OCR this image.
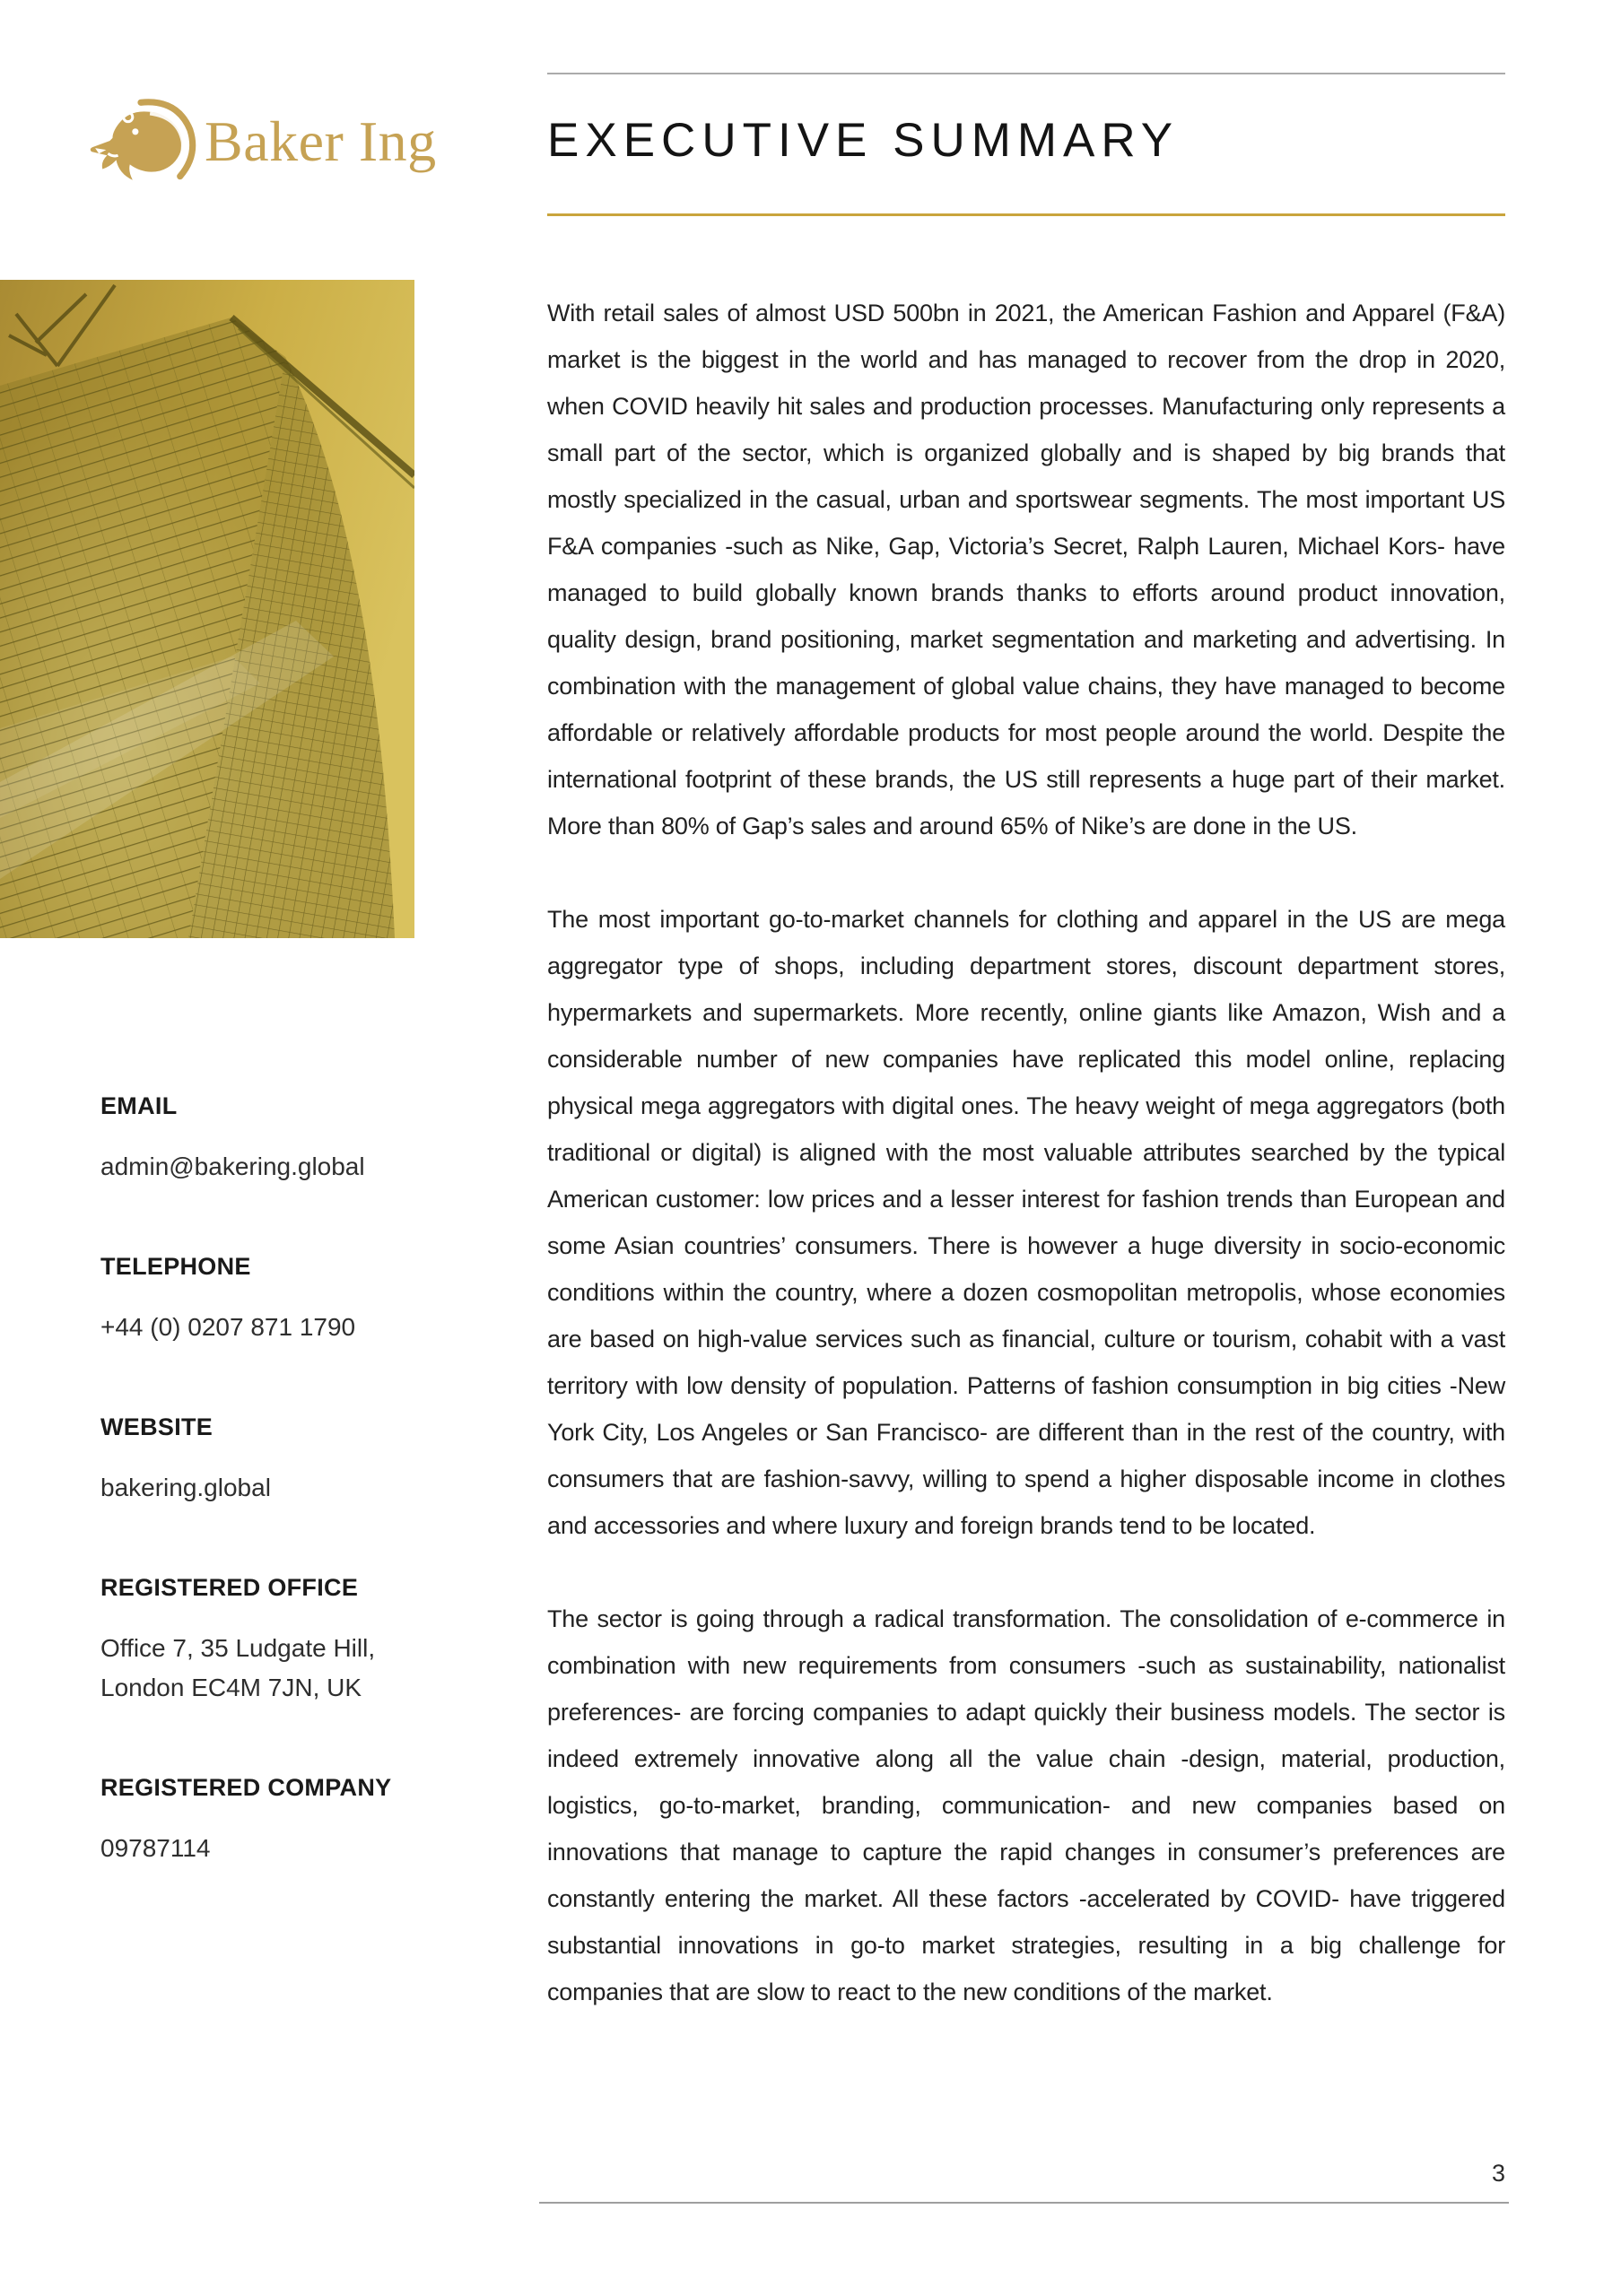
Baker Ing
EMAIL
admin@bakering.global
TELEPHONE
+44 (0) 0207 871 1790
WEBSITE
bakering.global
REGISTERED OFFICE
Office 7, 35 Ludgate Hill, London EC4M 7JN, UK
REGISTERED COMPANY
09787114
EXECUTIVE SUMMARY

With retail sales of almost USD 500bn in 2021, the American Fashion and Apparel (F&A) market is the biggest in the world and has managed to recover from the drop in 2020, when COVID heavily hit sales and production processes. Manufacturing only represents a small part of the sector, which is organized globally and is shaped by big brands that mostly specialized in the casual, urban and sportswear segments. The most important US F&A companies -such as Nike, Gap, Victoria’s Secret, Ralph Lauren, Michael Kors- have managed to build globally known brands thanks to efforts around product innovation, quality design, brand positioning, market segmentation and marketing and advertising. In combination with the management of global value chains, they have managed to become affordable or relatively affordable products for most people around the world. Despite the international footprint of these brands, the US still represents a huge part of their market. More than 80% of Gap’s sales and around 65% of Nike’s are done in the US.

The most important go-to-market channels for clothing and apparel in the US are mega aggregator type of shops, including department stores, discount department stores, hypermarkets and supermarkets. More recently, online giants like Amazon, Wish and a considerable number of new companies have replicated this model online, replacing physical mega aggregators with digital ones. The heavy weight of mega aggregators (both traditional or digital) is aligned with the most valuable attributes searched by the typical American customer: low prices and a lesser interest for fashion trends than European and some Asian countries’ consumers. There is however a huge diversity in socio-economic conditions within the country, where a dozen cosmopolitan metropolis, whose economies are based on high-value services such as financial, culture or tourism, cohabit with a vast territory with low density of population. Patterns of fashion consumption in big cities -New York City, Los Angeles or San Francisco- are different than in the rest of the country, with consumers that are fashion-savvy, willing to spend a higher disposable income in clothes and accessories and where luxury and foreign brands tend to be located.

The sector is going through a radical transformation. The consolidation of e-commerce in combination with new requirements from consumers -such as sustainability, nationalist preferences- are forcing companies to adapt quickly their business models. The sector is indeed extremely innovative along all the value chain -design, material, production, logistics, go-to-market, branding, communication- and new companies based on innovations that manage to capture the rapid changes in consumer’s preferences are constantly entering the market. All these factors -accelerated by COVID- have triggered substantial innovations in go-to market strategies, resulting in a big challenge for companies that are slow to react to the new conditions of the market.

3
